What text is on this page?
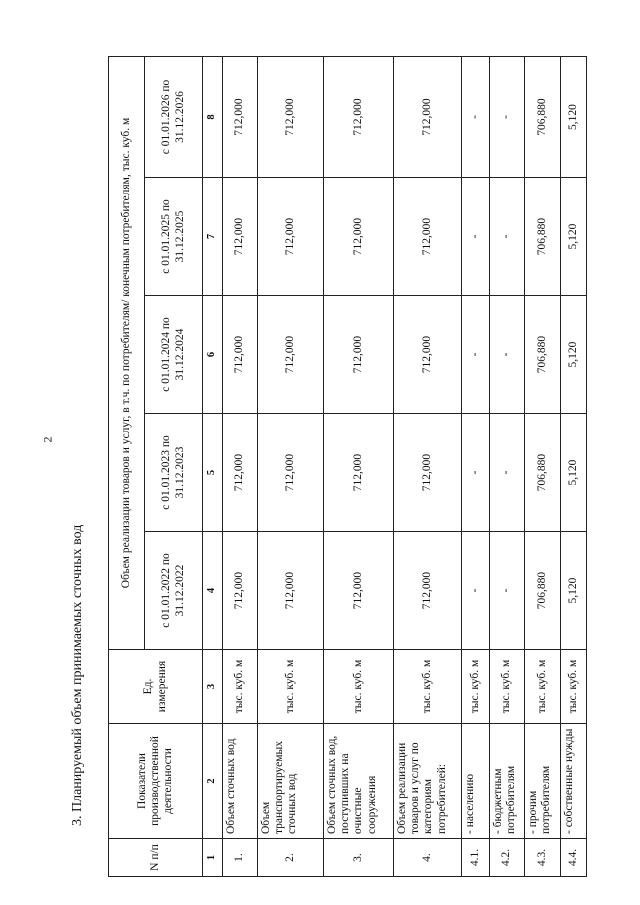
2
3. Планируемый объем принимаемых сточных вод
N п/п	Показатели производственной деятельности	Ед. измерения	Объем реализации товаров и услуг, в т.ч. по потребителям/ конечным потребителям, тыс. куб. м				
			с 01.01.2022 по 31.12.2022	с 01.01.2023 по 31.12.2023	с 01.01.2024 по 31.12.2024	с 01.01.2025 по 31.12.2025	с 01.01.2026 по 31.12.2026
1	2	3	4	5	6	7	8
1.	Объем сточных вод	тыс. куб. м	712,000	712,000	712,000	712,000	712,000
2.	Объем транспортируемых сточных вод	тыс. куб. м	712,000	712,000	712,000	712,000	712,000
3.	Объем сточных вод, поступивших на очистные сооружения	тыс. куб. м	712,000	712,000	712,000	712,000	712,000
4.	Объем реализации товаров и услуг по категориям потребителей:	тыс. куб. м	712,000	712,000	712,000	712,000	712,000
4.1.	- населению	тыс. куб. м	-	-	-	-	-
4.2.	- бюджетным потребителям	тыс. куб. м	-	-	-	-	-
4.3.	- прочим потребителям	тыс. куб. м	706,880	706,880	706,880	706,880	706,880
4.4.	- собственные нужды	тыс. куб. м	5,120	5,120	5,120	5,120	5,120
